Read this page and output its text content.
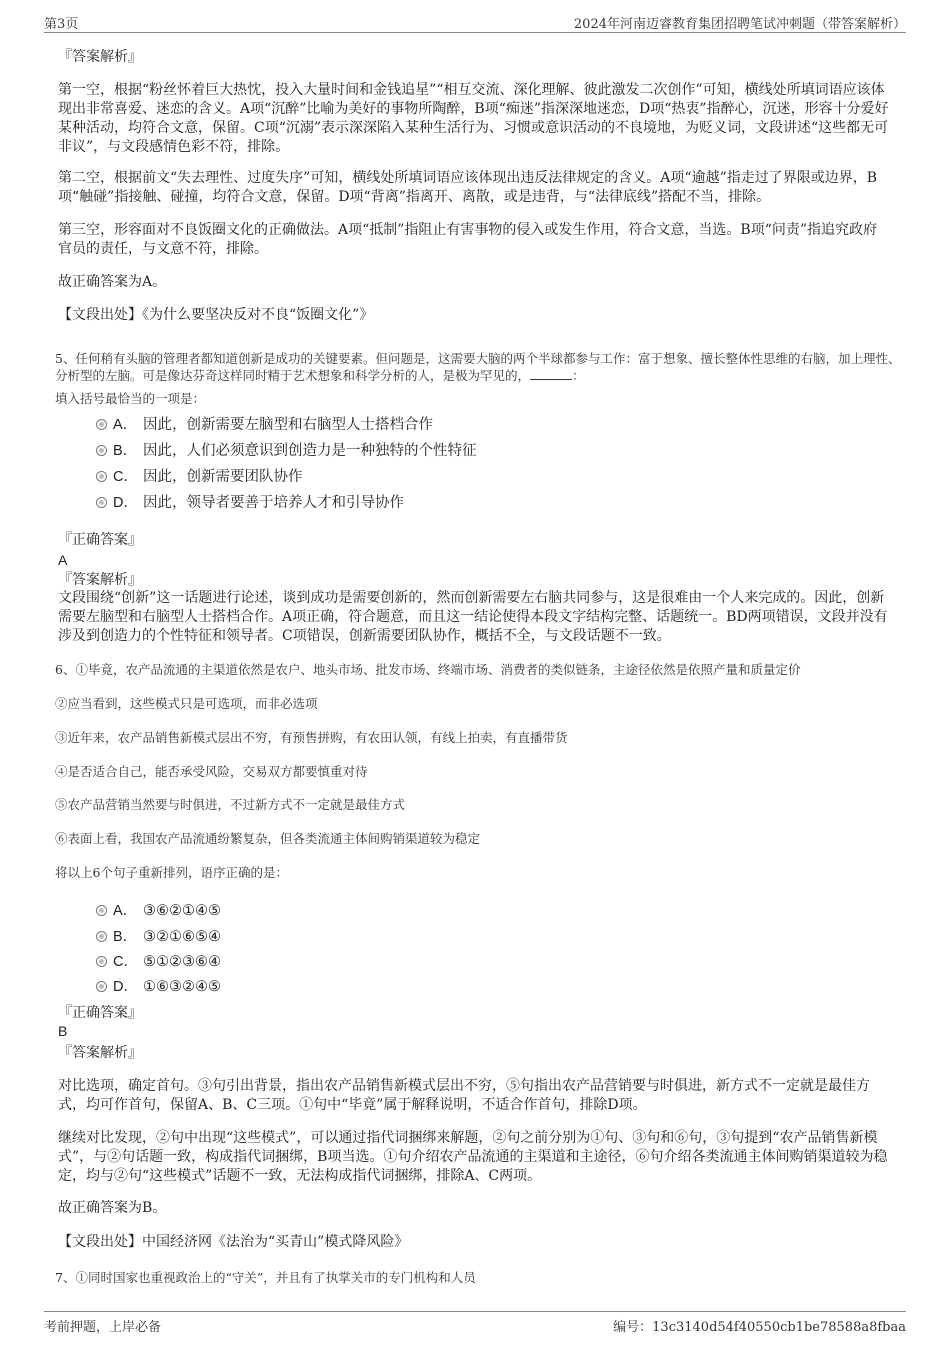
第3页	2024年河南迈睿教育集团招聘笔试冲刺题（带答案解析）
『答案解析』
第一空，根据“粉丝怀着巨大热忱，投入大量时间和金钱追星”“相互交流、深化理解、彼此激发二次创作”可知，横线处所填词语应该体现出非常喜爱、迷恋的含义。A项“沉醉”比喻为美好的事物所陶醉，B项“痴迷”指深深地迷恋，D项“热衷”指醉心，沉迷，形容十分爱好某种活动，均符合文意，保留。C项“沉溺”表示深深陷入某种生活行为、习惯或意识活动的不良境地，为贬义词，文段讲述“这些都无可非议”，与文段感情色彩不符，排除。
第二空，根据前文“失去理性、过度失序”可知，横线处所填词语应该体现出违反法律规定的含义。A项“逾越”指走过了界限或边界，B项“触碰”指接触、碰撞，均符合文意，保留。D项“背离”指离开、离散，或是违背，与“法律底线”搭配不当，排除。
第三空，形容面对不良饭圈文化的正确做法。A项“抵制”指阻止有害事物的侵入或发生作用，符合文意，当选。B项“问责”指追究政府官员的责任，与文意不符，排除。
故正确答案为A。
【文段出处】《为什么要坚决反对不良“饭圈文化”》
5、任何稍有头脑的管理者都知道创新是成功的关键要素。但问题是，这需要大脑的两个半球都参与工作：富于想象、擅长整体性思维的右脑，加上理性、分析型的左脑。可是像达芬奇这样同时精于艺术想象和科学分析的人，是极为罕见的，	：
填入括号最恰当的一项是：
A． 因此，创新需要左脑型和右脑型人士搭档合作
B． 因此，人们必须意识到创造力是一种独特的个性特征
C． 因此，创新需要团队协作
D． 因此，领导者要善于培养人才和引导协作
『正确答案』
A
『答案解析』
文段围绕“创新”这一话题进行论述，谈到成功是需要创新的，然而创新需要左右脑共同参与，这是很难由一个人来完成的。因此，创新需要左脑型和右脑型人士搭档合作。A项正确，符合题意，而且这一结论使得本段文字结构完整、话题统一。BD两项错误，文段并没有涉及到创造力的个性特征和领导者。C项错误，创新需要团队协作，概括不全，与文段话题不一致。
6、①毕竟，农产品流通的主渠道依然是农户、地头市场、批发市场、终端市场、消费者的类似链条，主途径依然是依照产量和质量定价
②应当看到，这些模式只是可选项，而非必选项
③近年来，农产品销售新模式层出不穷，有预售拼购，有农田认领，有线上拍卖，有直播带货
④是否适合自己，能否承受风险，交易双方都要慎重对待
⑤农产品营销当然要与时俱进，不过新方式不一定就是最佳方式
⑥表面上看，我国农产品流通纷繁复杂，但各类流通主体间购销渠道较为稳定
将以上6个句子重新排列，语序正确的是：
A． ③⑥②①④⑤
B． ③②①⑥⑤④
C． ⑤①②③⑥④
D． ①⑥③②④⑤
『正确答案』
B
『答案解析』
对比选项，确定首句。③句引出背景，指出农产品销售新模式层出不穷，⑤句指出农产品营销要与时俱进，新方式不一定就是最佳方式，均可作首句，保留A、B、C三项。①句中“毕竟”属于解释说明，不适合作首句，排除D项。
继续对比发现，②句中出现“这些模式”，可以通过指代词捆绑来解题，②句之前分别为①句、③句和⑥句，③句提到“农产品销售新模式”，与②句话题一致，构成指代词捆绑，B项当选。①句介绍农产品流通的主渠道和主途径，⑥句介绍各类流通主体间购销渠道较为稳定，均与②句“这些模式”话题不一致，无法构成指代词捆绑，排除A、C两项。
故正确答案为B。
【文段出处】中国经济网《法治为“买青山”模式降风险》
7、①同时国家也重视政治上的“守关”，并且有了执掌关市的专门机构和人员
考前押题，上岸必备	编号：13c3140d54f40550cb1be78588a8fbaa
